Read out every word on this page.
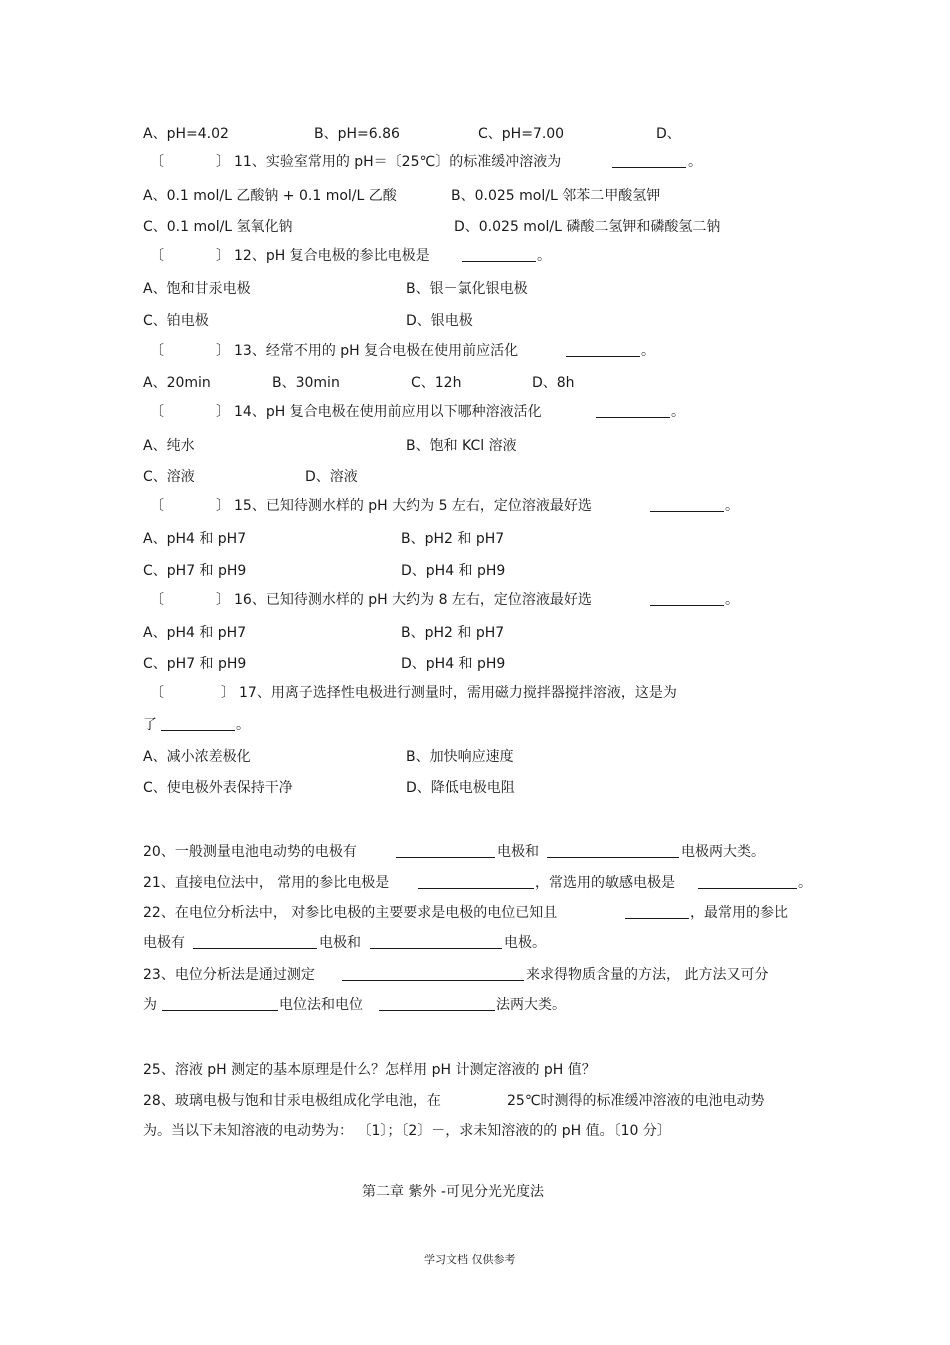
A、pH=4.02	B、pH=6.86	C、pH=7.00	D、
〔	〕 11、实验室常用的 pH＝〔25℃〕的标准缓冲溶液为	。
A、0.1 mol/L 乙酸钠 + 0.1 mol/L 乙酸	B、0.025 mol/L 邻苯二甲酸氢钾
C、0.1 mol/L 氢氧化钠	D、0.025 mol/L 磷酸二氢钾和磷酸氢二钠
〔	〕 12、pH 复合电极的参比电极是	。
A、饱和甘汞电极	B、银－氯化银电极
C、铂电极	D、银电极
〔	〕 13、经常不用的 pH 复合电极在使用前应活化	。
A、20min	B、30min	C、12h	D、8h
〔	〕 14、pH 复合电极在使用前应用以下哪种溶液活化	。
A、纯水	B、饱和 KCl 溶液
C、溶液	D、溶液
〔	〕 15、已知待测水样的 pH 大约为 5 左右，定位溶液最好选	。
A、pH4 和 pH7	B、pH2 和 pH7
C、pH7 和 pH9	D、pH4 和 pH9
〔	〕 16、已知待测水样的 pH 大约为 8 左右，定位溶液最好选	。
A、pH4 和 pH7	B、pH2 和 pH7
C、pH7 和 pH9	D、pH4 和 pH9
〔	〕 17、用离子选择性电极进行测量时，需用磁力搅拌器搅拌溶液，这是为
了	。
A、减小浓差极化	B、加快响应速度
C、使电极外表保持干净	D、降低电极电阻
20、一般测量电池电动势的电极有	电极和	电极两大类。
21、直接电位法中， 常用的参比电极是	，常选用的敏感电极是	。
22、在电位分析法中， 对参比电极的主要要求是电极的电位已知且	，最常用的参比
电极有	电极和	电极。
23、电位分析法是通过测定	来求得物质含量的方法， 此方法又可分
为	电位法和电位	法两大类。
25、溶液 pH 测定的基本原理是什么？怎样用 pH 计测定溶液的 pH 值？
28、玻璃电极与饱和甘汞电极组成化学电池，在	25℃时测得的标准缓冲溶液的电池电动势
为。当以下未知溶液的电动势为： 〔1〕；〔2〕－，求未知溶液的的 pH 值。〔10 分〕
第二章 紫外 -可见分光光度法
学习文档 仅供参考
